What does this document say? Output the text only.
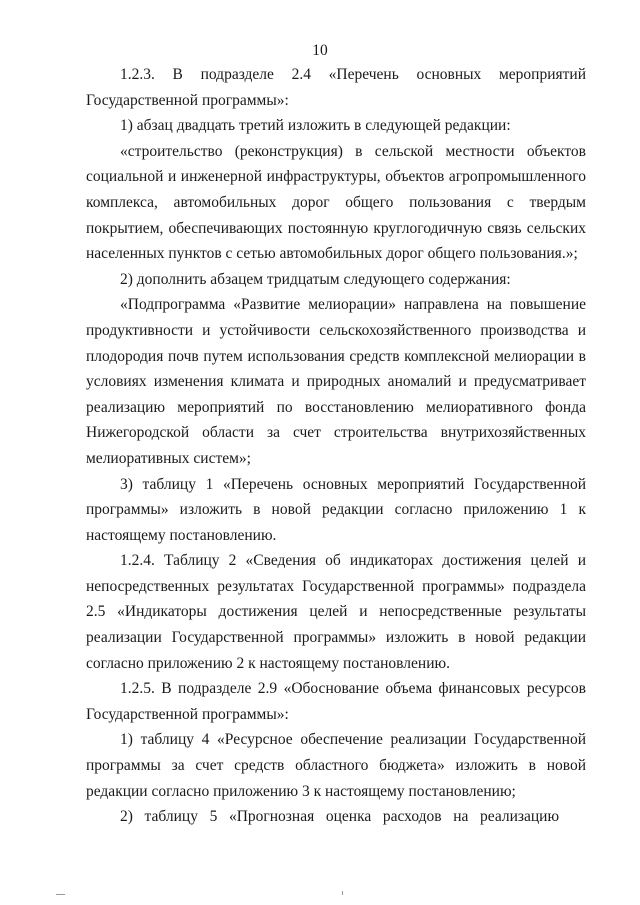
10

1.2.3.   В   подразделе   2.4   «Перечень   основных   мероприятий Государственной программы»:

1) абзац двадцать третий изложить в следующей редакции:

«строительство (реконструкция) в сельской местности объектов социальной и инженерной инфраструктуры, объектов агропромышленного комплекса, автомобильных дорог общего пользования с твердым покрытием, обеспечивающих постоянную круглогодичную связь сельских населенных пунктов с сетью автомобильных дорог общего пользования.»;

2) дополнить абзацем тридцатым следующего содержания:

«Подпрограмма «Развитие мелиорации» направлена на повышение продуктивности и устойчивости сельскохозяйственного производства и плодородия почв путем использования средств комплексной мелиорации в условиях изменения климата и природных аномалий и предусматривает реализацию мероприятий по восстановлению мелиоративного фонда Нижегородской области за счет строительства внутрихозяйственных мелиоративных систем»;

3) таблицу 1 «Перечень основных мероприятий Государственной программы» изложить в новой редакции согласно приложению 1 к настоящему постановлению.

1.2.4. Таблицу 2 «Сведения об индикаторах достижения целей и непосредственных результатах Государственной программы» подраздела 2.5 «Индикаторы достижения целей и непосредственные результаты реализации Государственной программы» изложить в новой редакции согласно приложению 2 к настоящему постановлению.

1.2.5. В подразделе 2.9 «Обоснование объема финансовых ресурсов Государственной программы»:

1) таблицу 4 «Ресурсное обеспечение реализации Государственной программы за счет средств областного бюджета» изложить в новой редакции согласно приложению 3 к настоящему постановлению;

2)   таблицу   5   «Прогнозная   оценка   расходов   на   реализацию
